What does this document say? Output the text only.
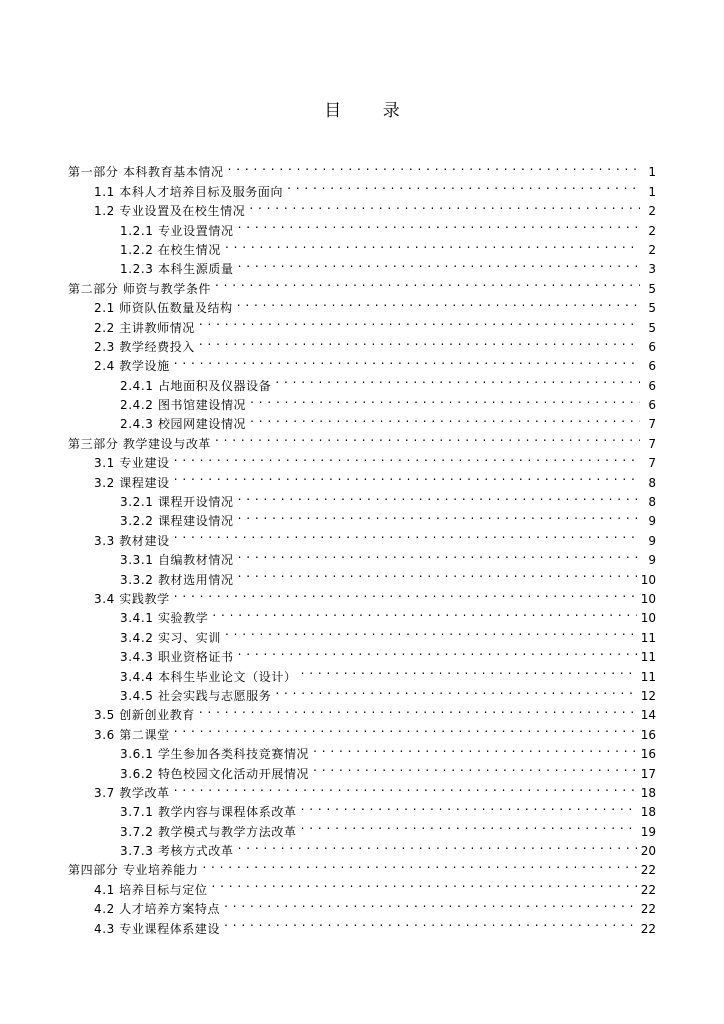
目 录
第一部分 本科教育基本情况 . . .	1
1.1 本科人才培养目标及服务面向 . . .	1
1.2 专业设置及在校生情况 . . .	2
1.2.1 专业设置情况 . . .	2
1.2.2 在校生情况 . . .	2
1.2.3 本科生源质量 . . .	3
第二部分 师资与教学条件 . . .	5
2.1 师资队伍数量及结构 . . .	5
2.2 主讲教师情况 . . .	5
2.3 教学经费投入 . . .	6
2.4 教学设施 . . .	6
2.4.1 占地面积及仪器设备 . . .	6
2.4.2 图书馆建设情况 . . .	6
2.4.3 校园网建设情况 . . .	7
第三部分 教学建设与改革 . . .	7
3.1 专业建设 . . .	7
3.2 课程建设 . . .	8
3.2.1 课程开设情况 . . .	8
3.2.2 课程建设情况 . . .	9
3.3 教材建设 . . .	9
3.3.1 自编教材情况 . . .	9
3.3.2 教材选用情况 . . .	10
3.4 实践教学 . . .	10
3.4.1 实验教学 . . .	10
3.4.2 实习、实训 . . .	11
3.4.3 职业资格证书 . . .	11
3.4.4 本科生毕业论文（设计） . . .	11
3.4.5 社会实践与志愿服务 . . .	12
3.5 创新创业教育 . . .	14
3.6 第二课堂 . . .	16
3.6.1 学生参加各类科技竞赛情况 . . .	16
3.6.2 特色校园文化活动开展情况 . . .	17
3.7 教学改革 . . .	18
3.7.1 教学内容与课程体系改革 . . .	18
3.7.2 教学模式与教学方法改革 . . .	19
3.7.3 考核方式改革 . . .	20
第四部分 专业培养能力 . . .	22
4.1 培养目标与定位 . . .	22
4.2 人才培养方案特点 . . .	22
4.3 专业课程体系建设 . . .	22
